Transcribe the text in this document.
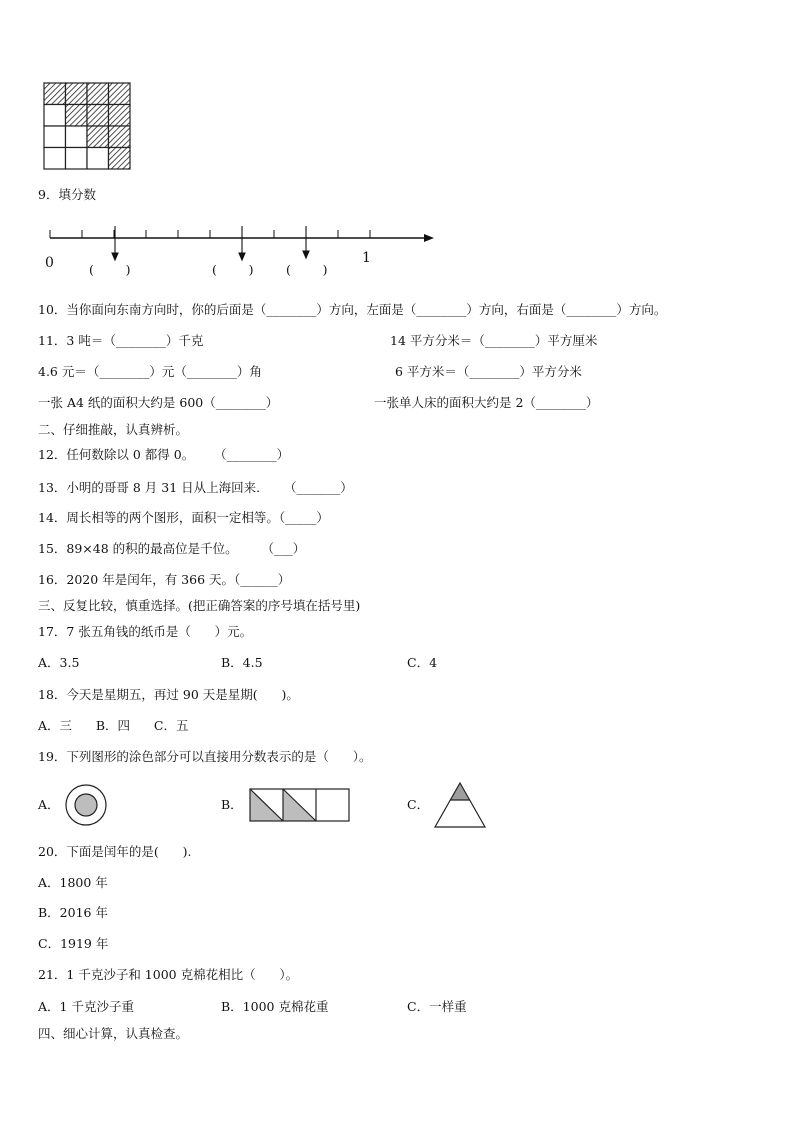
9．填分数
0	1
(        )	(        )	(        )
10．当你面向东南方向时，你的后面是（________）方向，左面是（________）方向，右面是（________）方向。
11．3 吨＝（________）千克	14 平方分米＝（________）平方厘米
4.6 元＝（________）元（________）角	6 平方米＝（________）平方分米
一张 A4 纸的面积大约是 600（________）	一张单人床的面积大约是 2（________）
二、仔细推敲，认真辨析。
12．任何数除以 0 都得 0。     （________）
13．小明的哥哥 8 月 31 日从上海回来.      （_______）
14．周长相等的两个图形，面积一定相等。（_____）
15．89×48 的积的最高位是千位。      （___）
16．2020 年是闰年，有 366 天。（______）
三、反复比较，慎重选择。(把正确答案的序号填在括号里)
17．7 张五角钱的纸币是（      ）元。
A．3.5	B．4.5	C．4
18．今天是星期五，再过 90 天是星期(      )。
A．三      B．四      C．五
19．下列图形的涂色部分可以直接用分数表示的是（      ）。
A．	B．	C．
20．下面是闰年的是(      ).
A．1800 年
B．2016 年
C．1919 年
21．1 千克沙子和 1000 克棉花相比（      ）。
A．1 千克沙子重	B．1000 克棉花重	C．一样重
四、细心计算，认真检查。
